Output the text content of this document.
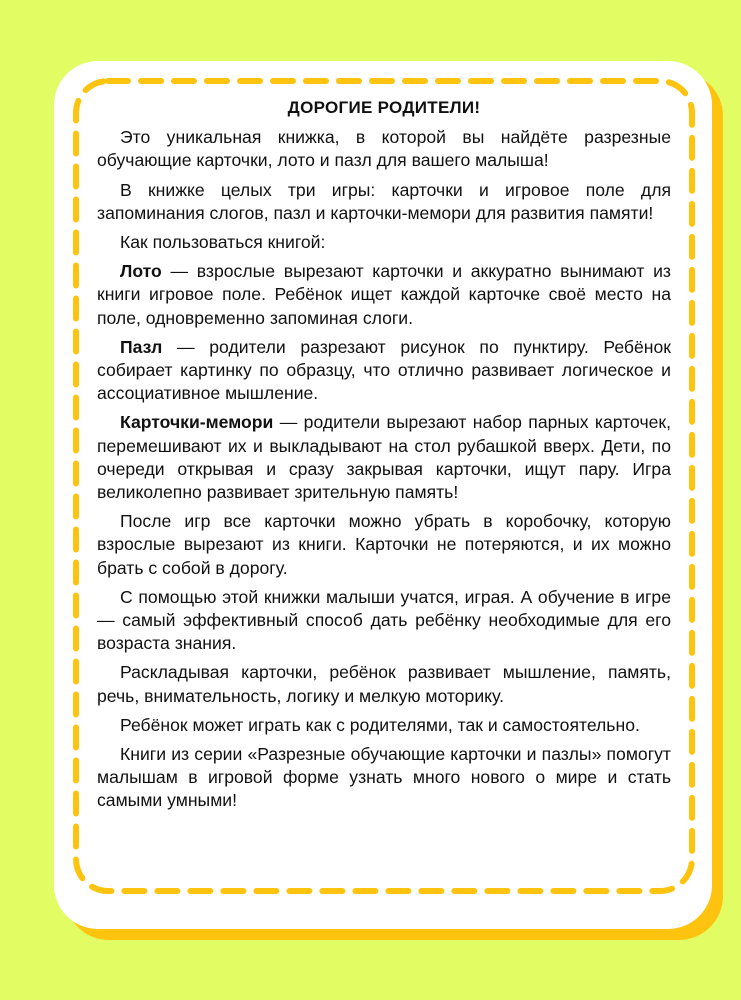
ДОРОГИЕ РОДИТЕЛИ!

Это уникальная книжка, в которой вы найдёте разрезные обучающие карточки, лото и пазл для вашего малыша!

В книжке целых три игры: карточки и игровое поле для запоминания слогов, пазл и карточки-мемори для развития памяти!

Как пользоваться книгой:

Лото — взрослые вырезают карточки и аккуратно вынимают из книги игровое поле. Ребёнок ищет каждой карточке своё место на поле, одновременно запоминая слоги.

Пазл — родители разрезают рисунок по пунктиру. Ребёнок собирает картинку по образцу, что отлично развивает логическое и ассоциативное мышление.

Карточки-мемори — родители вырезают набор парных карточек, перемешивают их и выкладывают на стол рубашкой вверх. Дети, по очереди открывая и сразу закрывая карточки, ищут пару. Игра великолепно развивает зрительную память!

После игр все карточки можно убрать в коробочку, которую взрослые вырезают из книги. Карточки не потеряются, и их можно брать с собой в дорогу.

С помощью этой книжки малыши учатся, играя. А обучение в игре — самый эффективный способ дать ребёнку необходимые для его возраста знания.

Раскладывая карточки, ребёнок развивает мышление, память, речь, внимательность, логику и мелкую моторику.

Ребёнок может играть как с родителями, так и самостоятельно.

Книги из серии «Разрезные обучающие карточки и пазлы» помогут малышам в игровой форме узнать много нового о мире и стать самыми умными!
